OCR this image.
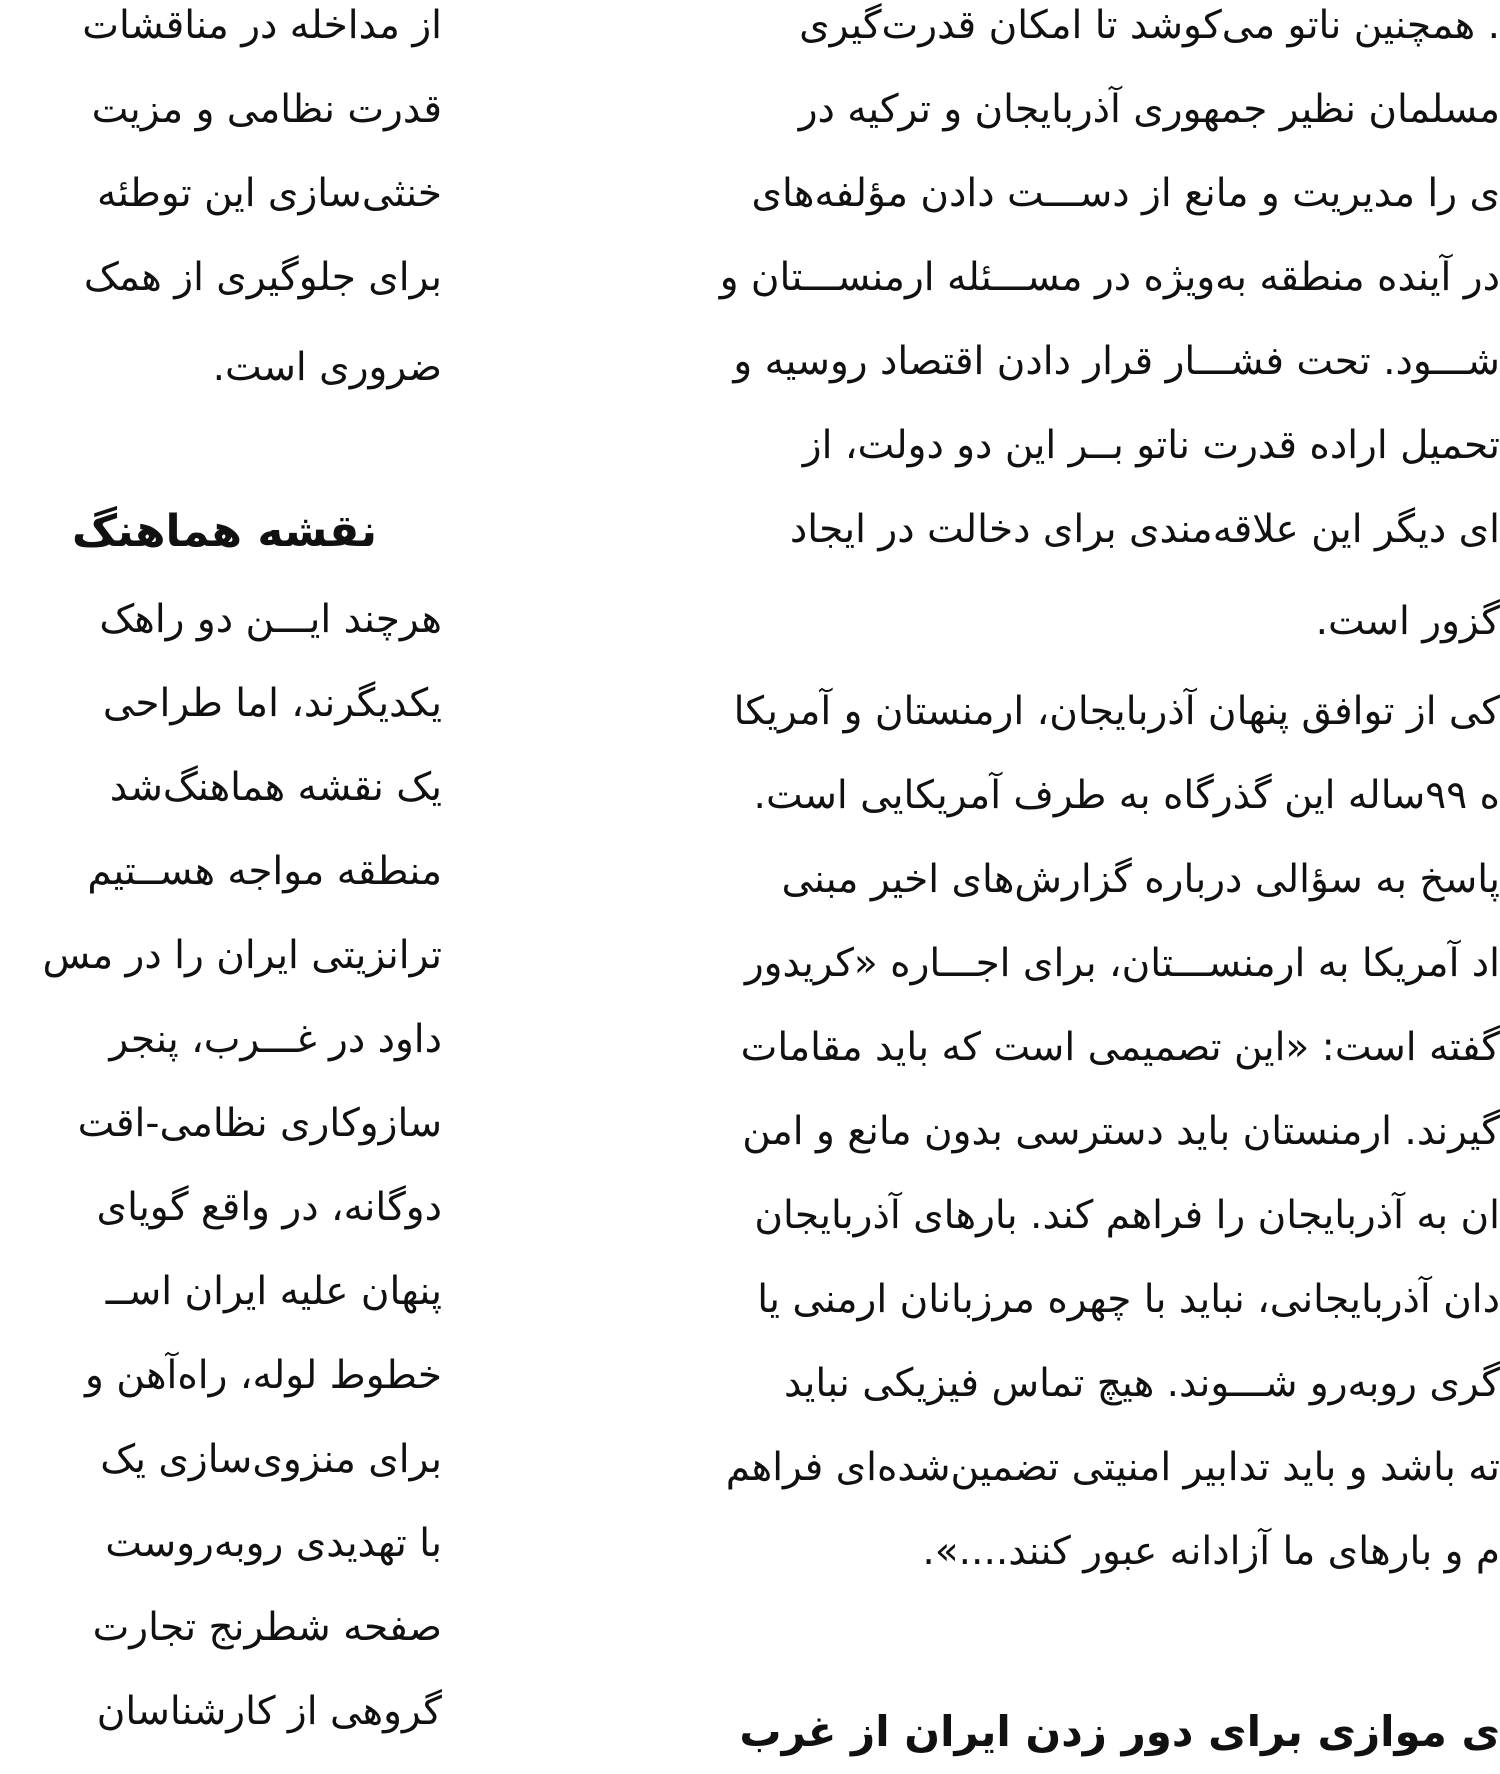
از مداخله در مناقشات
قدرت نظامی و مزیت
خنثی‌سازی این توطئه
برای جلوگیری از همک
ضروری است.
نقشه هماهنگ
هرچند ایـــن دو راهک
یکدیگرند، اما طراحی
یک نقشه هماهنگ‌شد
منطقه مواجه هســتیم
ترانزیتی ایران را در مس
داود در غـــرب، پنجر
سازوکاری نظامی-اقت
دوگانه، در واقع گویای
پنهان علیه ایران اســ
خطوط لوله، راه‌آهن و
برای منزوی‌سازی یک
با تهدیدی روبه‌روست
صفحه شطرنج تجارت
گروهی از کارشناسان
. همچنین ناتو می‌کوشد تا امکان قدرت‌گیری
مسلمان نظیر جمهوری آذربایجان و ترکیه در
ی را مدیریت و مانع از دســـت دادن مؤلفه‌های
در آینده منطقه به‌ویژه در مســـئله ارمنســـتان و
شـــود. تحت فشـــار قرار دادن اقتصاد روسیه و
تحمیل اراده قدرت ناتو بــر این دو دولت، از
ای دیگر این علاقه‌مندی برای دخالت در ایجاد
گزور است.
کی از توافق پنهان آذربایجان، ارمنستان و آمریکا
ه ۹۹ساله این گذرگاه به طرف آمریکایی است.
پاسخ به سؤالی درباره گزارش‌های اخیر مبنی
اد آمریکا به ارمنســـتان، برای اجـــاره «کریدور
گفته است: «این تصمیمی است که باید مقامات
گیرند. ارمنستان باید دسترسی بدون مانع و امن
ان به آذربایجان را فراهم کند. بارهای آذربایجان
دان آذربایجانی، نباید با چهره مرزبانان ارمنی یا
گری روبه‌رو شـــوند. هیچ تماس فیزیکی نباید
ته باشد و باید تدابیر امنیتی تضمین‌شده‌ای فراهم
م و بارهای ما آزادانه عبور کنند....».
ی موازی برای دور زدن ایران از غرب
